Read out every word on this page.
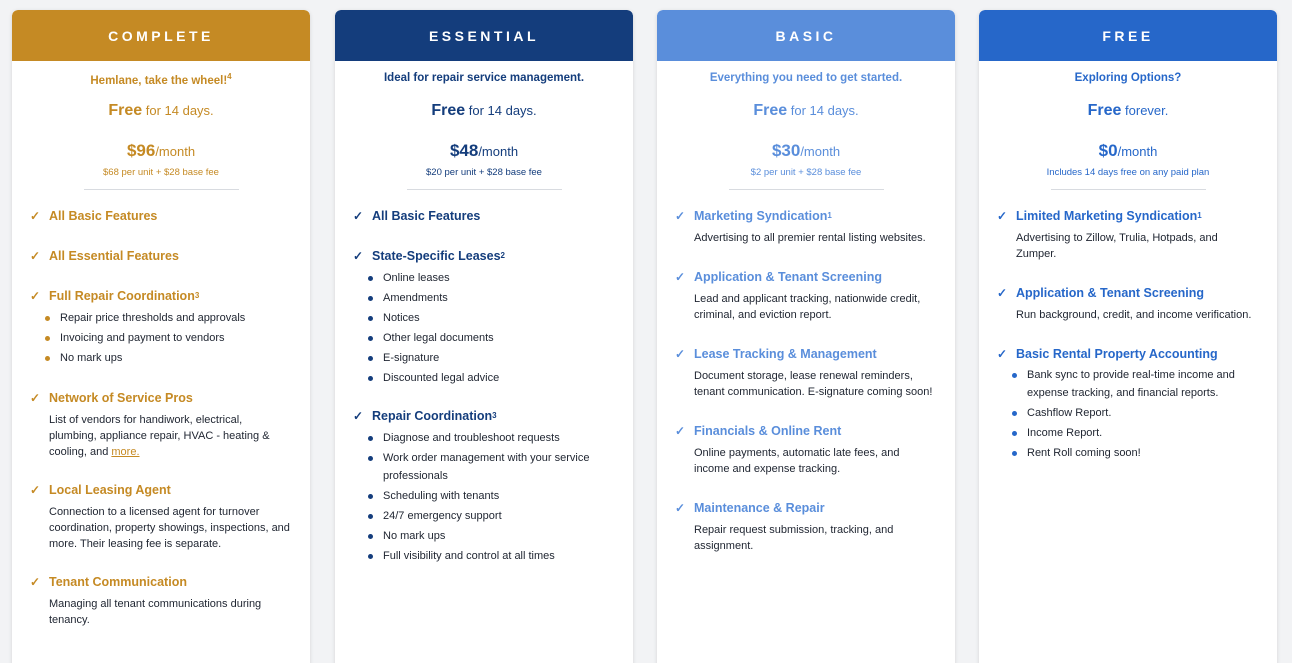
COMPLETE
Hemlane, take the wheel!$^4$
Free for 14 days.
$96/month
$68 per unit + $28 base fee
✓ All Basic Features
✓ All Essential Features
✓ Full Repair Coordination 3
Repair price thresholds and approvals
Invoicing and payment to vendors
No mark ups
✓ Network of Service Pros
List of vendors for handiwork, electrical, plumbing, appliance repair, HVAC - heating & cooling, and more.
✓ Local Leasing Agent
Connection to a licensed agent for turnover coordination, property showings, inspections, and more. Their leasing fee is separate.
✓ Tenant Communication
Managing all tenant communications during tenancy.
ESSENTIAL
Ideal for repair service management.
Free for 14 days.
$48/month
$20 per unit + $28 base fee
✓ All Basic Features
✓ State-Specific Leases 2
Online leases
Amendments
Notices
Other legal documents
E-signature
Discounted legal advice
✓ Repair Coordination 3
Diagnose and troubleshoot requests
Work order management with your service professionals
Scheduling with tenants
24/7 emergency support
No mark ups
Full visibility and control at all times
BASIC
Everything you need to get started.
Free for 14 days.
$30/month
$2 per unit + $28 base fee
✓ Marketing Syndication 1
Advertising to all premier rental listing websites.
✓ Application & Tenant Screening
Lead and applicant tracking, nationwide credit, criminal, and eviction report.
✓ Lease Tracking & Management
Document storage, lease renewal reminders, tenant communication. E-signature coming soon!
✓ Financials & Online Rent
Online payments, automatic late fees, and income and expense tracking.
✓ Maintenance & Repair
Repair request submission, tracking, and assignment.
FREE
Exploring Options?
Free forever.
$0/month
Includes 14 days free on any paid plan
✓ Limited Marketing Syndication 1
Advertising to Zillow, Trulia, Hotpads, and Zumper.
✓ Application & Tenant Screening
Run background, credit, and income verification.
✓ Basic Rental Property Accounting
Bank sync to provide real-time income and expense tracking, and financial reports.
Cashflow Report.
Income Report.
Rent Roll coming soon!
